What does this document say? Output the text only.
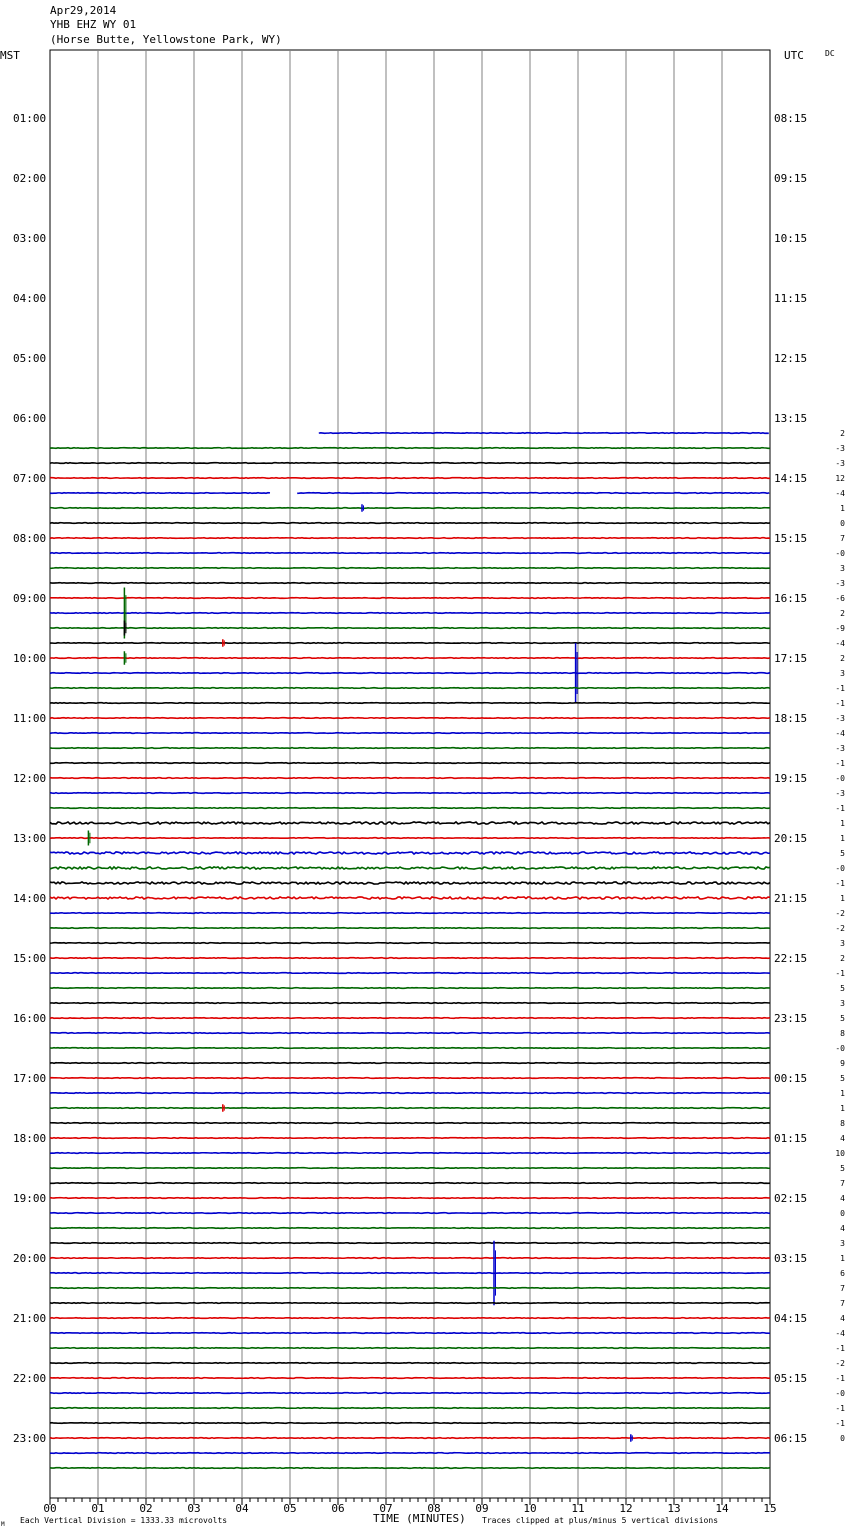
Apr29,2014
YHB EHZ WY 01
(Horse Butte, Yellowstone Park, WY)
MST	UTC	DC
00	01	02	03	04	05	06	07	08	09	10	11	12	13	14	15
01:00
02:00
03:00
04:00
05:00
06:00
07:00
08:00
09:00
10:00
11:00
12:00
13:00
14:00
15:00
16:00
17:00
18:00
19:00
20:00
21:00
22:00
23:00
08:15
09:15
10:15
11:15
12:15
13:15
14:15
15:15
16:15
17:15
18:15
19:15
20:15
21:15
22:15
23:15
00:15
01:15
02:15
03:15
04:15
05:15
06:15
2
-3
-3
12
-4
1
0
7
-0
3
-3
-6
2
-9
-4
2
3
-1
-1
-3
-4
-3
-1
-0
-3
-1
1
1
5
-0
-1
1
-2
-2
3
2
-1
5
3
5
8
-0
9
5
1
1
8
4
10
5
7
4
0
4
3
1
6
7
7
4
-4
-1
-2
-1
-0
-1
-1
0
TIME (MINUTES)
Each Vertical Division = 1333.33 microvolts	Traces clipped at plus/minus 5 vertical divisions
M
